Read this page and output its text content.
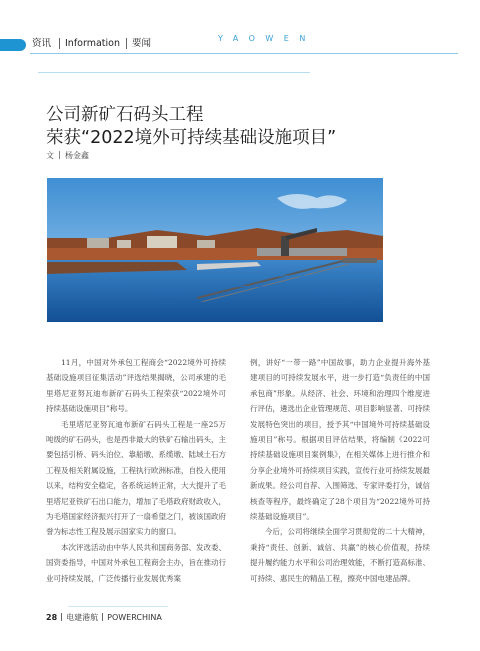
资讯 Information 要闻	YAOWEN
公司新矿石码头工程
荣获“2022境外可持续基础设施项目”
文 杨金鑫

11月，中国对外承包工程商会“2022境外可持续基础设施项目征集活动”评选结果揭晓，公司承建的毛里塔尼亚努瓦迪布新矿石码头工程荣获“2022境外可持续基础设施项目”称号。

毛里塔尼亚努瓦迪布新矿石码头工程是一座25万吨级的矿石码头，也是西非最大的铁矿石输出码头，主要包括引桥、码头泊位、靠船墩、系缆墩、陆域土石方工程及相关附属设施，工程执行欧洲标准，自投入使用以来，结构安全稳定，各系统运转正常，大大提升了毛里塔尼亚铁矿石出口能力，增加了毛塔政府财政收入，为毛塔国家经济振兴打开了一扇希望之门，被该国政府誉为标志性工程及展示国家实力的窗口。

本次评选活动由中华人民共和国商务部、发改委、国资委指导，中国对外承包工程商会主办，旨在推动行业可持续发展，广泛传播行业发展优秀案

例，讲好“一带一路”中国故事，助力企业提升海外基建项目的可持续发展水平，进一步打造“负责任的中国承包商”形象。从经济、社会、环境和治理四个维度进行评估，遴选出企业管理规范、项目影响显著、可持续发展特色突出的项目，授予其“中国境外可持续基础设施项目”称号。根据项目评估结果，将编制《2022可持续基础设施项目案例集》，在相关媒体上进行推介和分享企业境外可持续项目实践，宣传行业可持续发展最新成果。经公司自荐、入围筛选、专家评委打分，诚信核查等程序，最终确定了28个项目为“2022境外可持续基础设施项目”。

今后，公司将继续全面学习贯彻党的二十大精神，秉持“责任、创新、诚信、共赢”的核心价值观，持续提升履约能力水平和公司治理效能，不断打造高标准、可持续、惠民生的精品工程，擦亮中国电建品牌。

28 电建港航 POWERCHINA
